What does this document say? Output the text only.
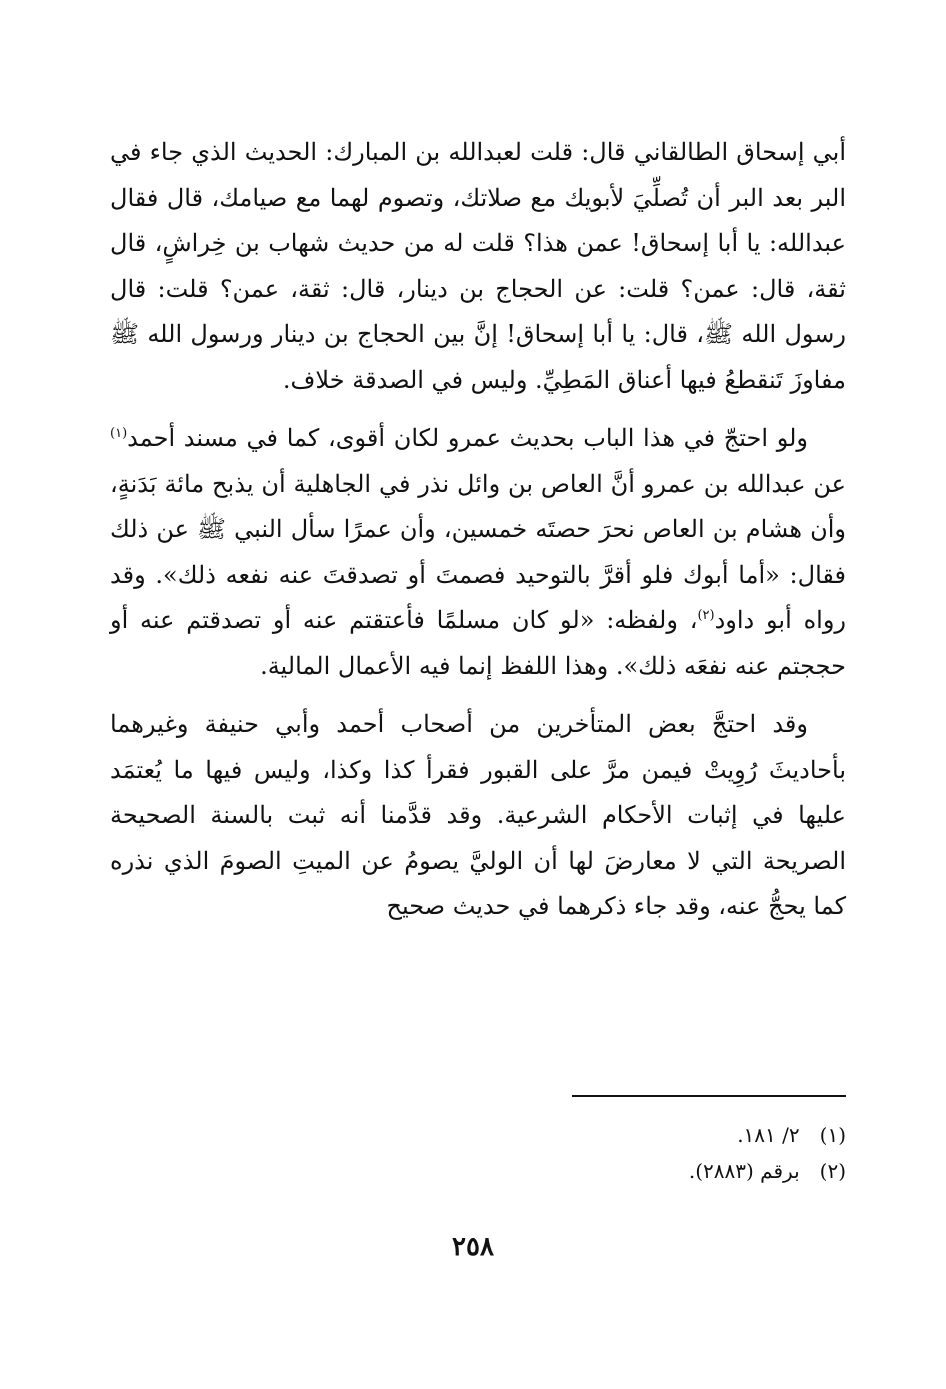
أبي إسحاق الطالقاني قال: قلت لعبدالله بن المبارك: الحديث الذي جاء في البر بعد البر أن تُصلِّيَ لأبويك مع صلاتك، وتصوم لهما مع صيامك، قال فقال عبدالله: يا أبا إسحاق! عمن هذا؟ قلت له من حديث شهاب بن خِراشٍ، قال ثقة، قال: عمن؟ قلت: عن الحجاج بن دينار، قال: ثقة، عمن؟ قلت: قال رسول الله ﷺ، قال: يا أبا إسحاق! إنَّ بين الحجاج بن دينار ورسول الله ﷺ مفاوزَ تَنقطعُ فيها أعناق المَطِيِّ. وليس في الصدقة خلاف.

ولو احتجّ في هذا الباب بحديث عمرو لكان أقوى، كما في مسند أحمد$^{(١)}$ عن عبدالله بن عمرو أنَّ العاص بن وائل نذر في الجاهلية أن يذبح مائة بَدَنةٍ، وأن هشام بن العاص نحرَ حصتَه خمسين، وأن عمرًا سأل النبي ﷺ عن ذلك فقال: «أما أبوك فلو أقرَّ بالتوحيد فصمتَ أو تصدقتَ عنه نفعه ذلك». وقد رواه أبو داود$^{(٢)}$، ولفظه: «لو كان مسلمًا فأعتقتم عنه أو تصدقتم عنه أو حججتم عنه نفعَه ذلك». وهذا اللفظ إنما فيه الأعمال المالية.

وقد احتجَّ بعض المتأخرين من أصحاب أحمد وأبي حنيفة وغيرهما بأحاديثَ رُوِيتْ فيمن مرَّ على القبور فقرأ كذا وكذا، وليس فيها ما يُعتمَد عليها في إثبات الأحكام الشرعية. وقد قدَّمنا أنه ثبت بالسنة الصحيحة الصريحة التي لا معارضَ لها أن الوليَّ يصومُ عن الميتِ الصومَ الذي نذره كما يحجُّ عنه، وقد جاء ذكرهما في حديث صحيح

(١) ٢/ ١٨١.

(٢) برقم (٢٨٨٣).

٢٥٨
